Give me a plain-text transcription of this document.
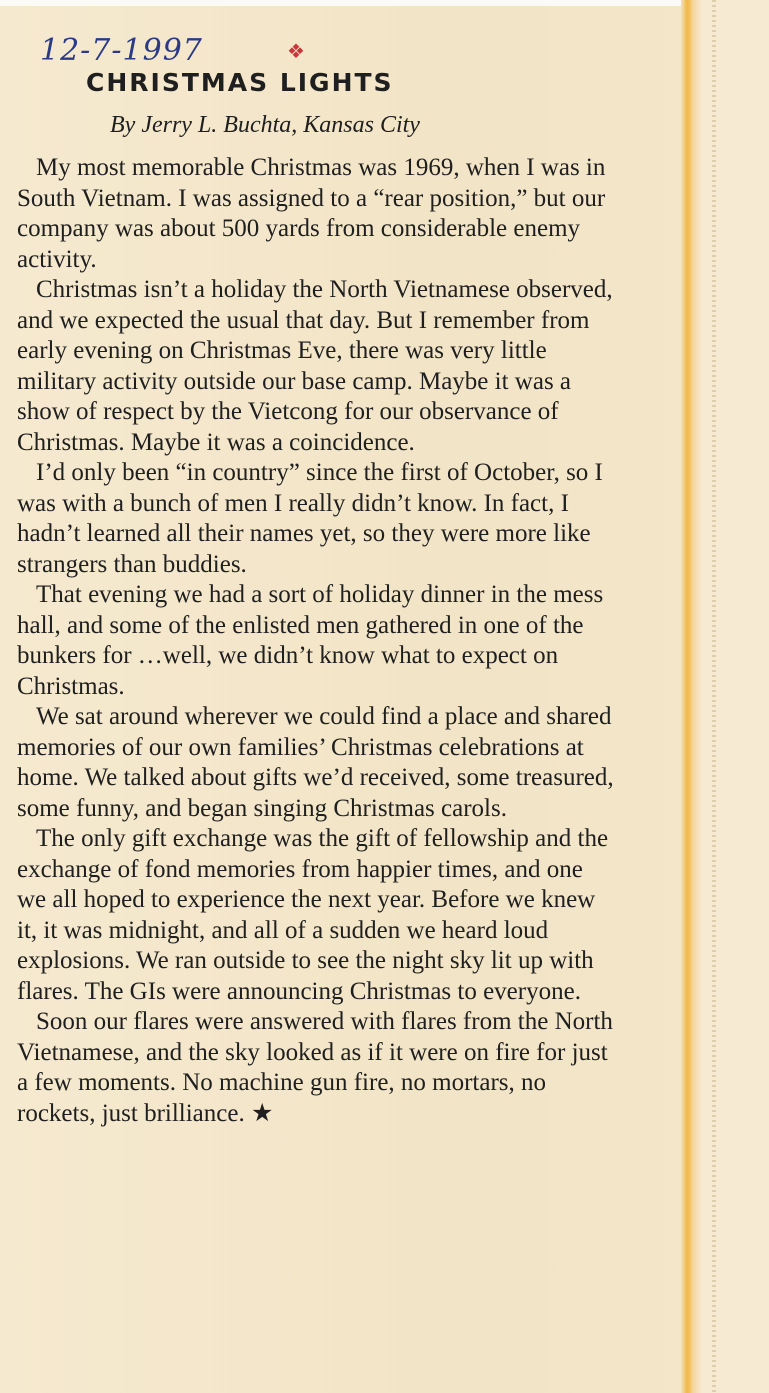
12-7-1997	❖
CHRISTMAS LIGHTS
By Jerry L. Buchta, Kansas City

My most memorable Christmas was 1969, when I was in South Vietnam. I was assigned to a “rear position,” but our company was about 500 yards from considerable enemy activity.

Christmas isn’t a holiday the North Vietnamese observed, and we expected the usual that day. But I remember from early evening on Christmas Eve, there was very little military activity outside our base camp. Maybe it was a show of respect by the Vietcong for our observance of Christmas. Maybe it was a coincidence.

I’d only been “in country” since the first of October, so I was with a bunch of men I really didn’t know. In fact, I hadn’t learned all their names yet, so they were more like strangers than buddies.

That evening we had a sort of holiday dinner in the mess hall, and some of the enlisted men gathered in one of the bunkers for …well, we didn’t know what to expect on Christmas.

We sat around wherever we could find a place and shared memories of our own families’ Christmas celebrations at home. We talked about gifts we’d received, some treasured, some funny, and began singing Christmas carols.

The only gift exchange was the gift of fellowship and the exchange of fond memories from happier times, and one we all hoped to experience the next year. Before we knew it, it was midnight, and all of a sudden we heard loud explosions. We ran outside to see the night sky lit up with flares. The GIs were announcing Christmas to everyone.

Soon our flares were answered with flares from the North Vietnamese, and the sky looked as if it were on fire for just a few moments. No machine gun fire, no mortars, no rockets, just brilliance. ★
